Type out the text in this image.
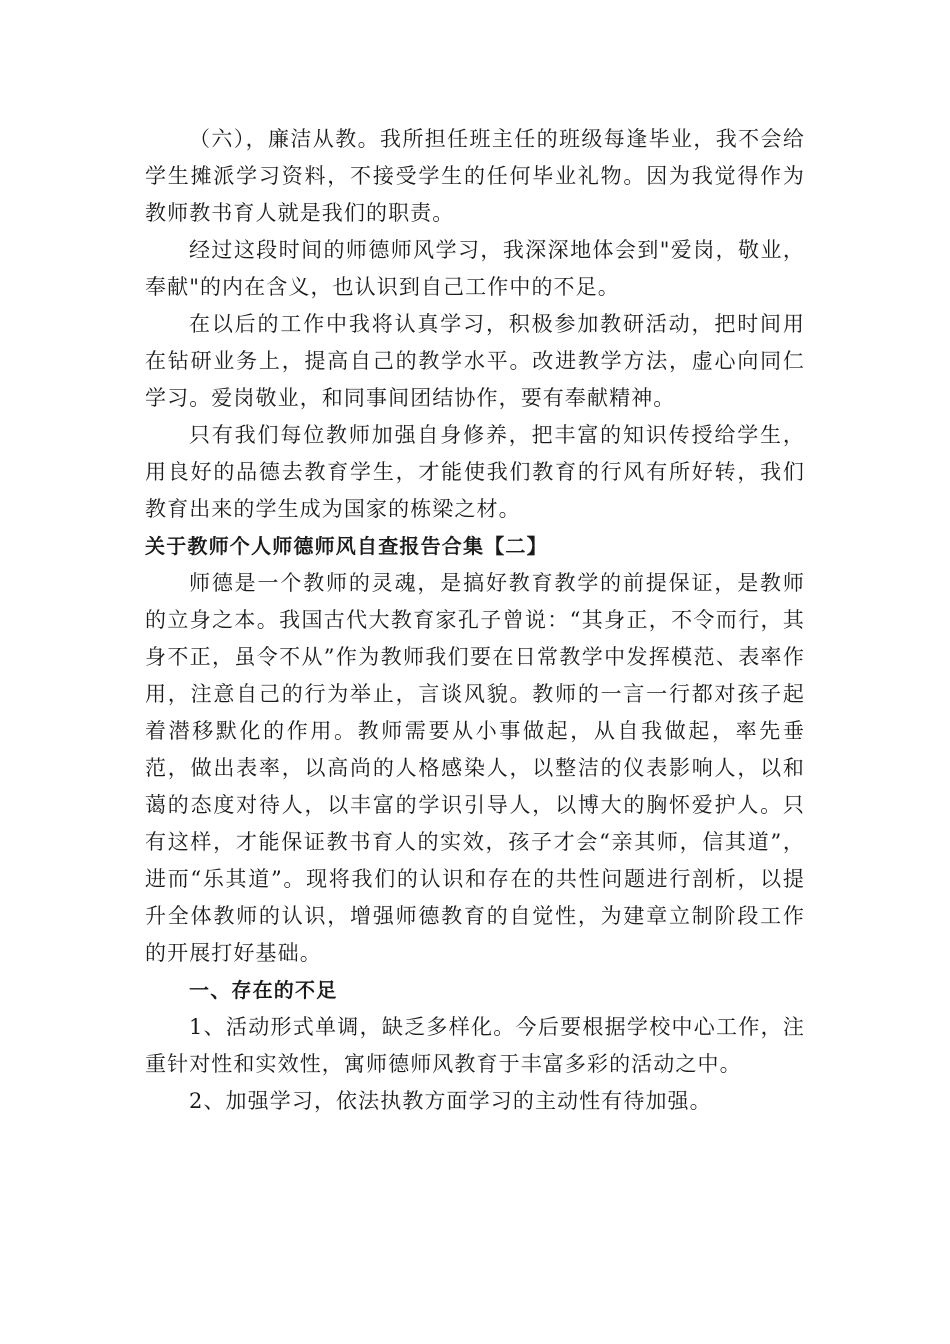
（六），廉洁从教。我所担任班主任的班级每逢毕业，我不会给学生摊派学习资料，不接受学生的任何毕业礼物。因为我觉得作为教师教书育人就是我们的职责。

经过这段时间的师德师风学习，我深深地体会到"爱岗，敬业，奉献"的内在含义，也认识到自己工作中的不足。

在以后的工作中我将认真学习，积极参加教研活动，把时间用在钻研业务上，提高自己的教学水平。改进教学方法，虚心向同仁学习。爱岗敬业，和同事间团结协作，要有奉献精神。

只有我们每位教师加强自身修养，把丰富的知识传授给学生，用良好的品德去教育学生，才能使我们教育的行风有所好转，我们教育出来的学生成为国家的栋梁之材。

关于教师个人师德师风自查报告合集【二】

师德是一个教师的灵魂，是搞好教育教学的前提保证，是教师的立身之本。我国古代大教育家孔子曾说：“其身正，不令而行，其身不正，虽令不从”作为教师我们要在日常教学中发挥模范、表率作用，注意自己的行为举止，言谈风貌。教师的一言一行都对孩子起着潜移默化的作用。教师需要从小事做起，从自我做起，率先垂范，做出表率，以高尚的人格感染人，以整洁的仪表影响人，以和蔼的态度对待人，以丰富的学识引导人，以博大的胸怀爱护人。只有这样，才能保证教书育人的实效，孩子才会“亲其师，信其道”，进而“乐其道”。现将我们的认识和存在的共性问题进行剖析，以提升全体教师的认识，增强师德教育的自觉性，为建章立制阶段工作的开展打好基础。

一、存在的不足

1、活动形式单调，缺乏多样化。今后要根据学校中心工作，注重针对性和实效性，寓师德师风教育于丰富多彩的活动之中。

2、加强学习，依法执教方面学习的主动性有待加强。
